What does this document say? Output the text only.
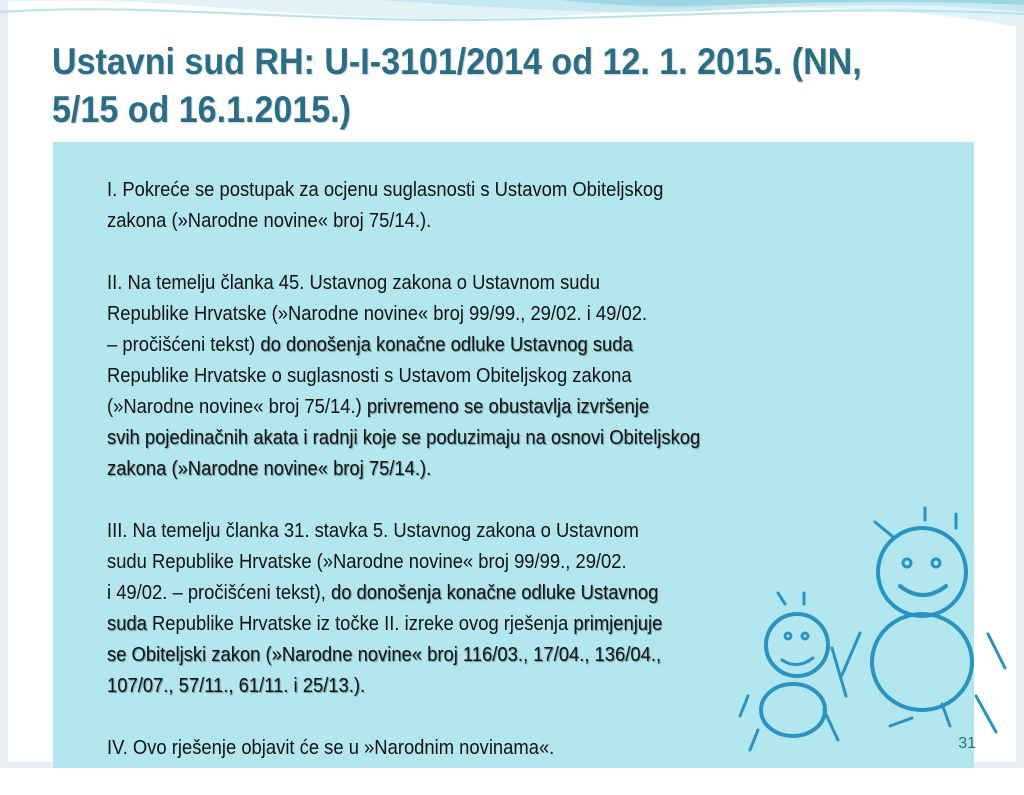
Ustavni sud RH: U-I-3101/2014 od 12. 1. 2015. (NN,
5/15 od 16.1.2015.)
I. Pokreće se postupak za ocjenu suglasnosti s Ustavom Obiteljskog
zakona (»Narodne novine« broj 75/14.).
II. Na temelju članka 45. Ustavnog zakona o Ustavnom sudu
Republike Hrvatske (»Narodne novine« broj 99/99., 29/02. i 49/02.
– pročišćeni tekst) do donošenja konačne odluke Ustavnog suda
Republike Hrvatske o suglasnosti s Ustavom Obiteljskog zakona
(»Narodne novine« broj 75/14.) privremeno se obustavlja izvršenje
svih pojedinačnih akata i radnji koje se poduzimaju na osnovi Obiteljskog
zakona (»Narodne novine« broj 75/14.).
III. Na temelju članka 31. stavka 5. Ustavnog zakona o Ustavnom
sudu Republike Hrvatske (»Narodne novine« broj 99/99., 29/02.
i 49/02. – pročišćeni tekst), do donošenja konačne odluke Ustavnog
suda Republike Hrvatske iz točke II. izreke ovog rješenja primjenjuje
se Obiteljski zakon (»Narodne novine« broj 116/03., 17/04., 136/04.,
107/07., 57/11., 61/11. i 25/13.).
IV. Ovo rješenje objavit će se u »Narodnim novinama«.	31
